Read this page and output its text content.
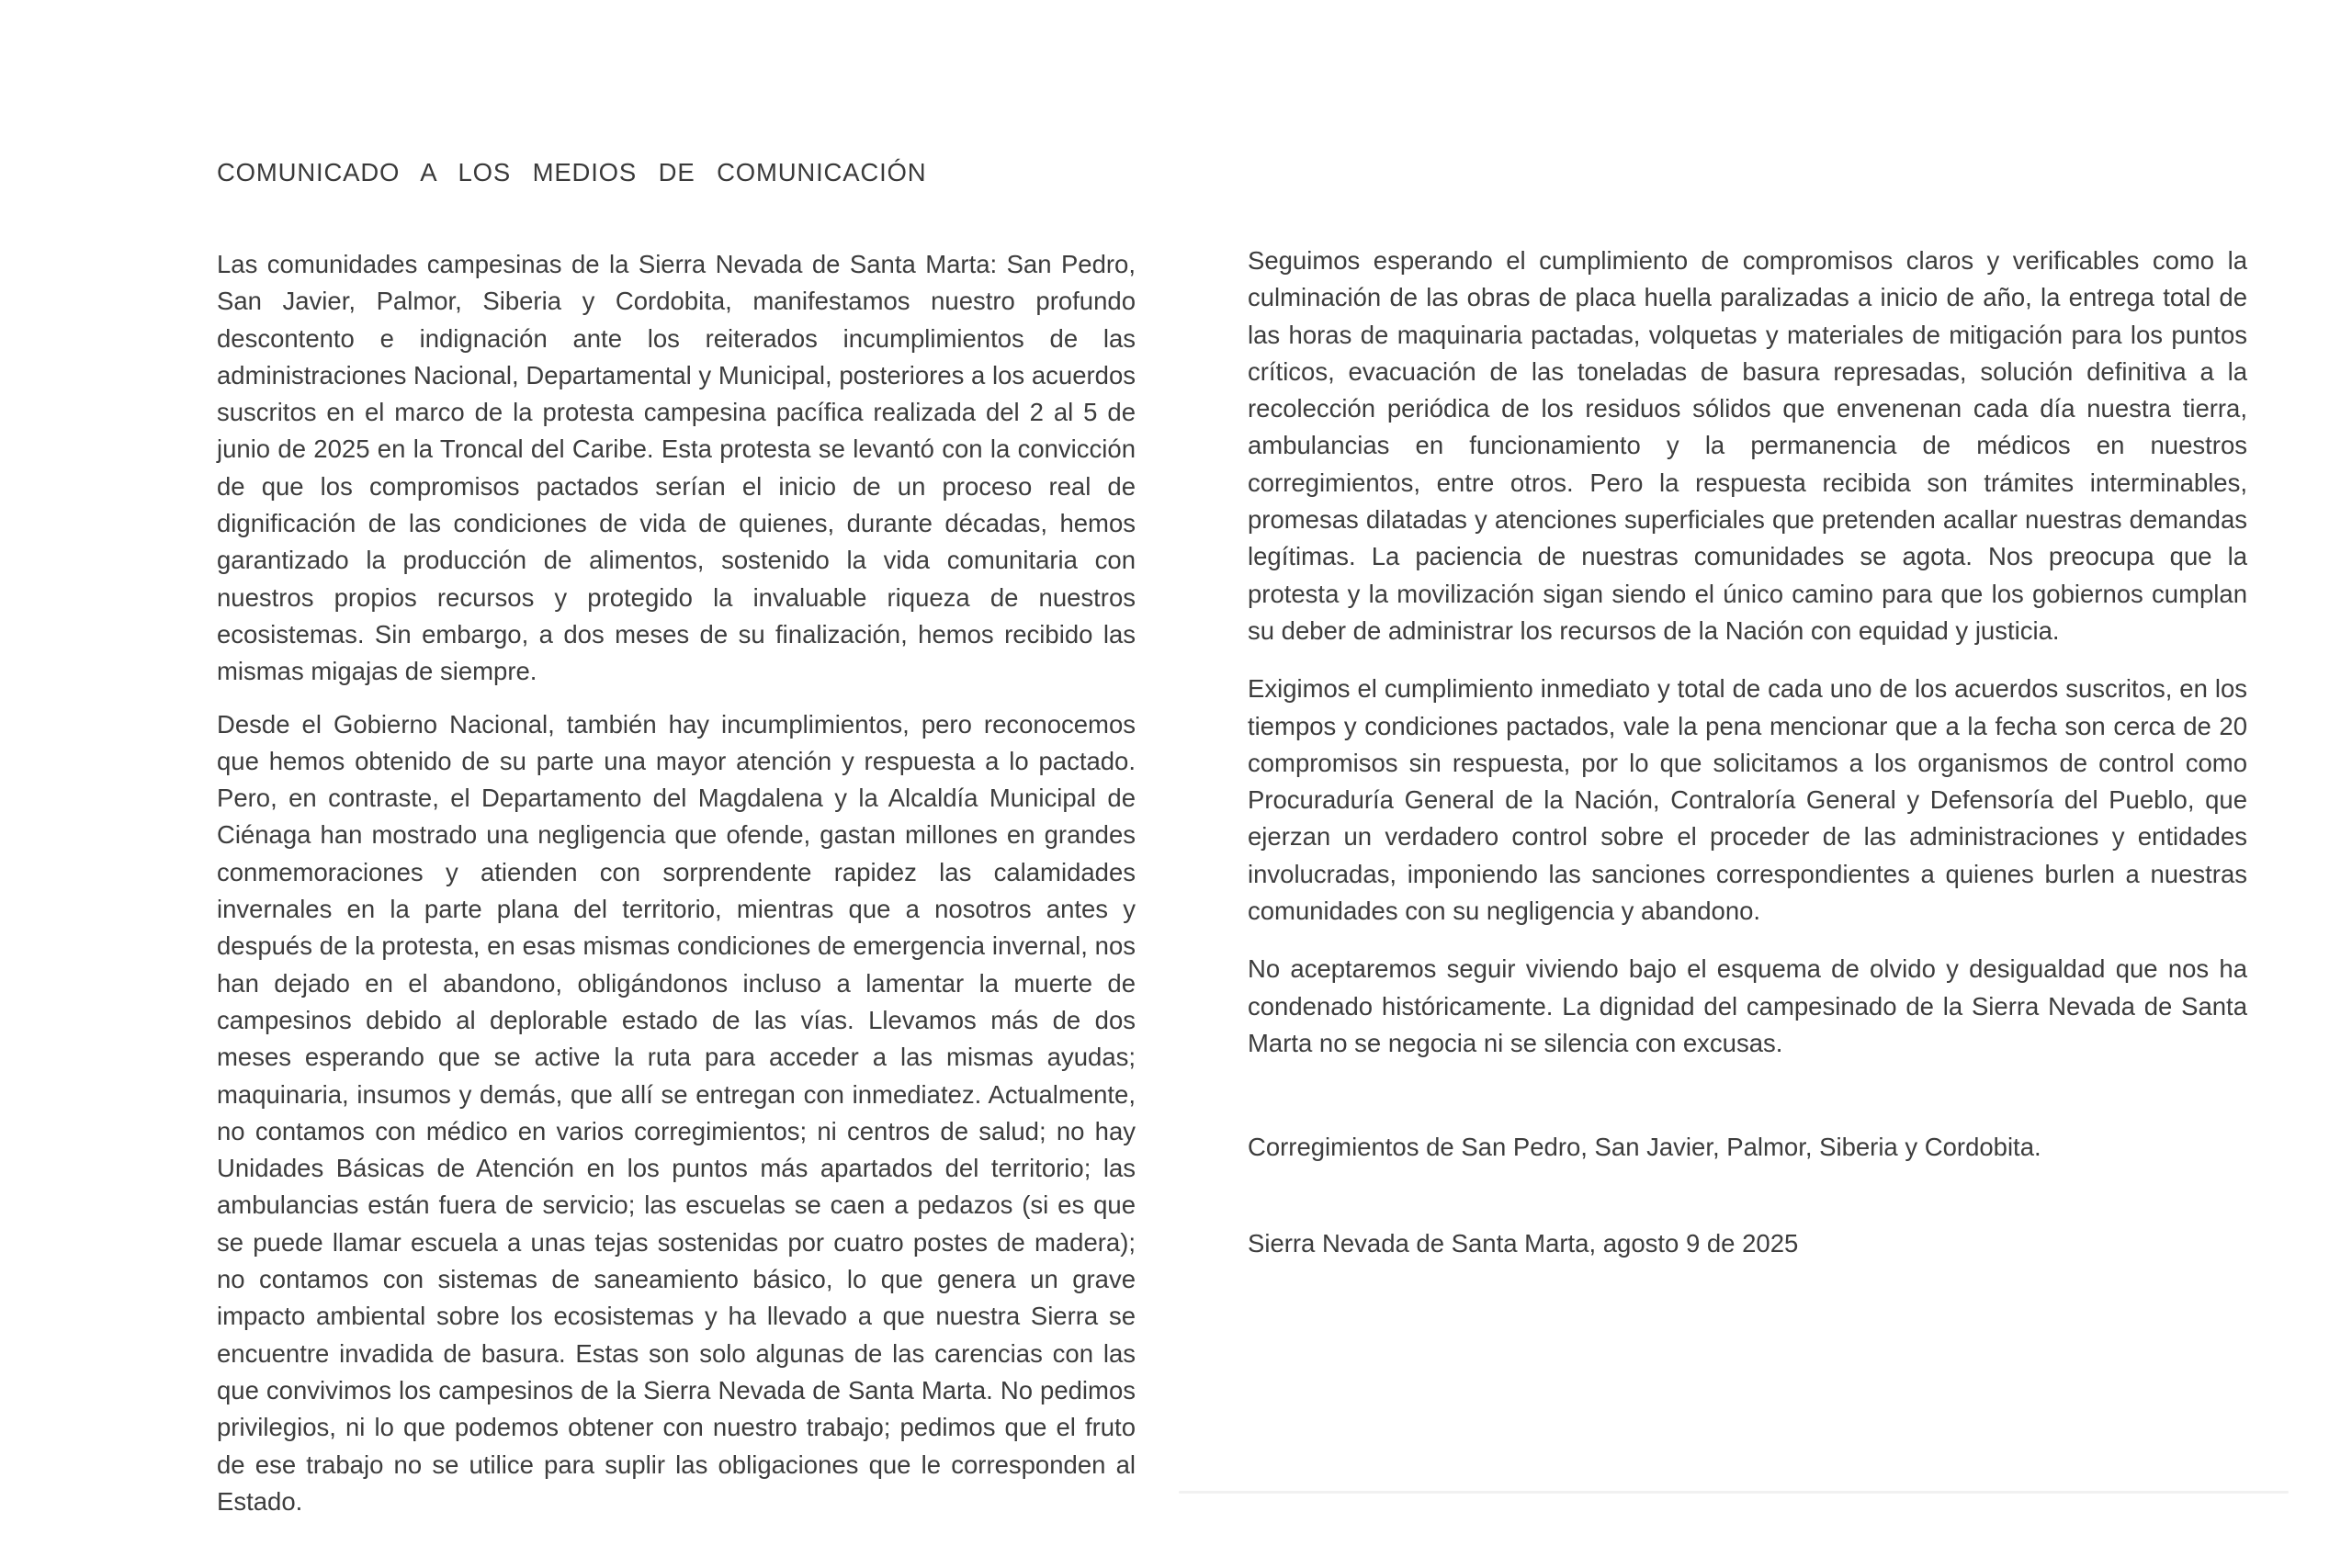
COMUNICADO A LOS MEDIOS DE COMUNICACIÓN

Las comunidades campesinas de la Sierra Nevada de Santa Marta: San Pedro, San Javier, Palmor, Siberia y Cordobita, manifestamos nuestro profundo descontento e indignación ante los reiterados incumplimientos de las administraciones Nacional, Departamental y Municipal, posteriores a los acuerdos suscritos en el marco de la protesta campesina pacífica realizada del 2 al 5 de junio de 2025 en la Troncal del Caribe. Esta protesta se levantó con la convicción de que los compromisos pactados serían el inicio de un proceso real de dignificación de las condiciones de vida de quienes, durante décadas, hemos garantizado la producción de alimentos, sostenido la vida comunitaria con nuestros propios recursos y protegido la invaluable riqueza de nuestros ecosistemas. Sin embargo, a dos meses de su finalización, hemos recibido las mismas migajas de siempre.

Desde el Gobierno Nacional, también hay incumplimientos, pero reconocemos que hemos obtenido de su parte una mayor atención y respuesta a lo pactado. Pero, en contraste, el Departamento del Magdalena y la Alcaldía Municipal de Ciénaga han mostrado una negligencia que ofende, gastan millones en grandes conmemoraciones y atienden con sorprendente rapidez las calamidades invernales en la parte plana del territorio, mientras que a nosotros antes y después de la protesta, en esas mismas condiciones de emergencia invernal, nos han dejado en el abandono, obligándonos incluso a lamentar la muerte de campesinos debido al deplorable estado de las vías. Llevamos más de dos meses esperando que se active la ruta para acceder a las mismas ayudas; maquinaria, insumos y demás, que allí se entregan con inmediatez. Actualmente, no contamos con médico en varios corregimientos; ni centros de salud; no hay Unidades Básicas de Atención en los puntos más apartados del territorio; las ambulancias están fuera de servicio; las escuelas se caen a pedazos (si es que se puede llamar escuela a unas tejas sostenidas por cuatro postes de madera); no contamos con sistemas de saneamiento básico, lo que genera un grave impacto ambiental sobre los ecosistemas y ha llevado a que nuestra Sierra se encuentre invadida de basura. Estas son solo algunas de las carencias con las que convivimos los campesinos de la Sierra Nevada de Santa Marta. No pedimos privilegios, ni lo que podemos obtener con nuestro trabajo; pedimos que el fruto de ese trabajo no se utilice para suplir las obligaciones que le corresponden al Estado.

Seguimos esperando el cumplimiento de compromisos claros y verificables como la culminación de las obras de placa huella paralizadas a inicio de año, la entrega total de las horas de maquinaria pactadas, volquetas y materiales de mitigación para los puntos críticos, evacuación de las toneladas de basura represadas, solución definitiva a la recolección periódica de los residuos sólidos que envenenan cada día nuestra tierra, ambulancias en funcionamiento y la permanencia de médicos en nuestros corregimientos, entre otros. Pero la respuesta recibida son trámites interminables, promesas dilatadas y atenciones superficiales que pretenden acallar nuestras demandas legítimas. La paciencia de nuestras comunidades se agota. Nos preocupa que la protesta y la movilización sigan siendo el único camino para que los gobiernos cumplan su deber de administrar los recursos de la Nación con equidad y justicia.

Exigimos el cumplimiento inmediato y total de cada uno de los acuerdos suscritos, en los tiempos y condiciones pactados, vale la pena mencionar que a la fecha son cerca de 20 compromisos sin respuesta, por lo que solicitamos a los organismos de control como Procuraduría General de la Nación, Contraloría General y Defensoría del Pueblo, que ejerzan un verdadero control sobre el proceder de las administraciones y entidades involucradas, imponiendo las sanciones correspondientes a quienes burlen a nuestras comunidades con su negligencia y abandono.

No aceptaremos seguir viviendo bajo el esquema de olvido y desigualdad que nos ha condenado históricamente. La dignidad del campesinado de la Sierra Nevada de Santa Marta no se negocia ni se silencia con excusas.

Corregimientos de San Pedro, San Javier, Palmor, Siberia y Cordobita.

Sierra Nevada de Santa Marta, agosto 9 de 2025
